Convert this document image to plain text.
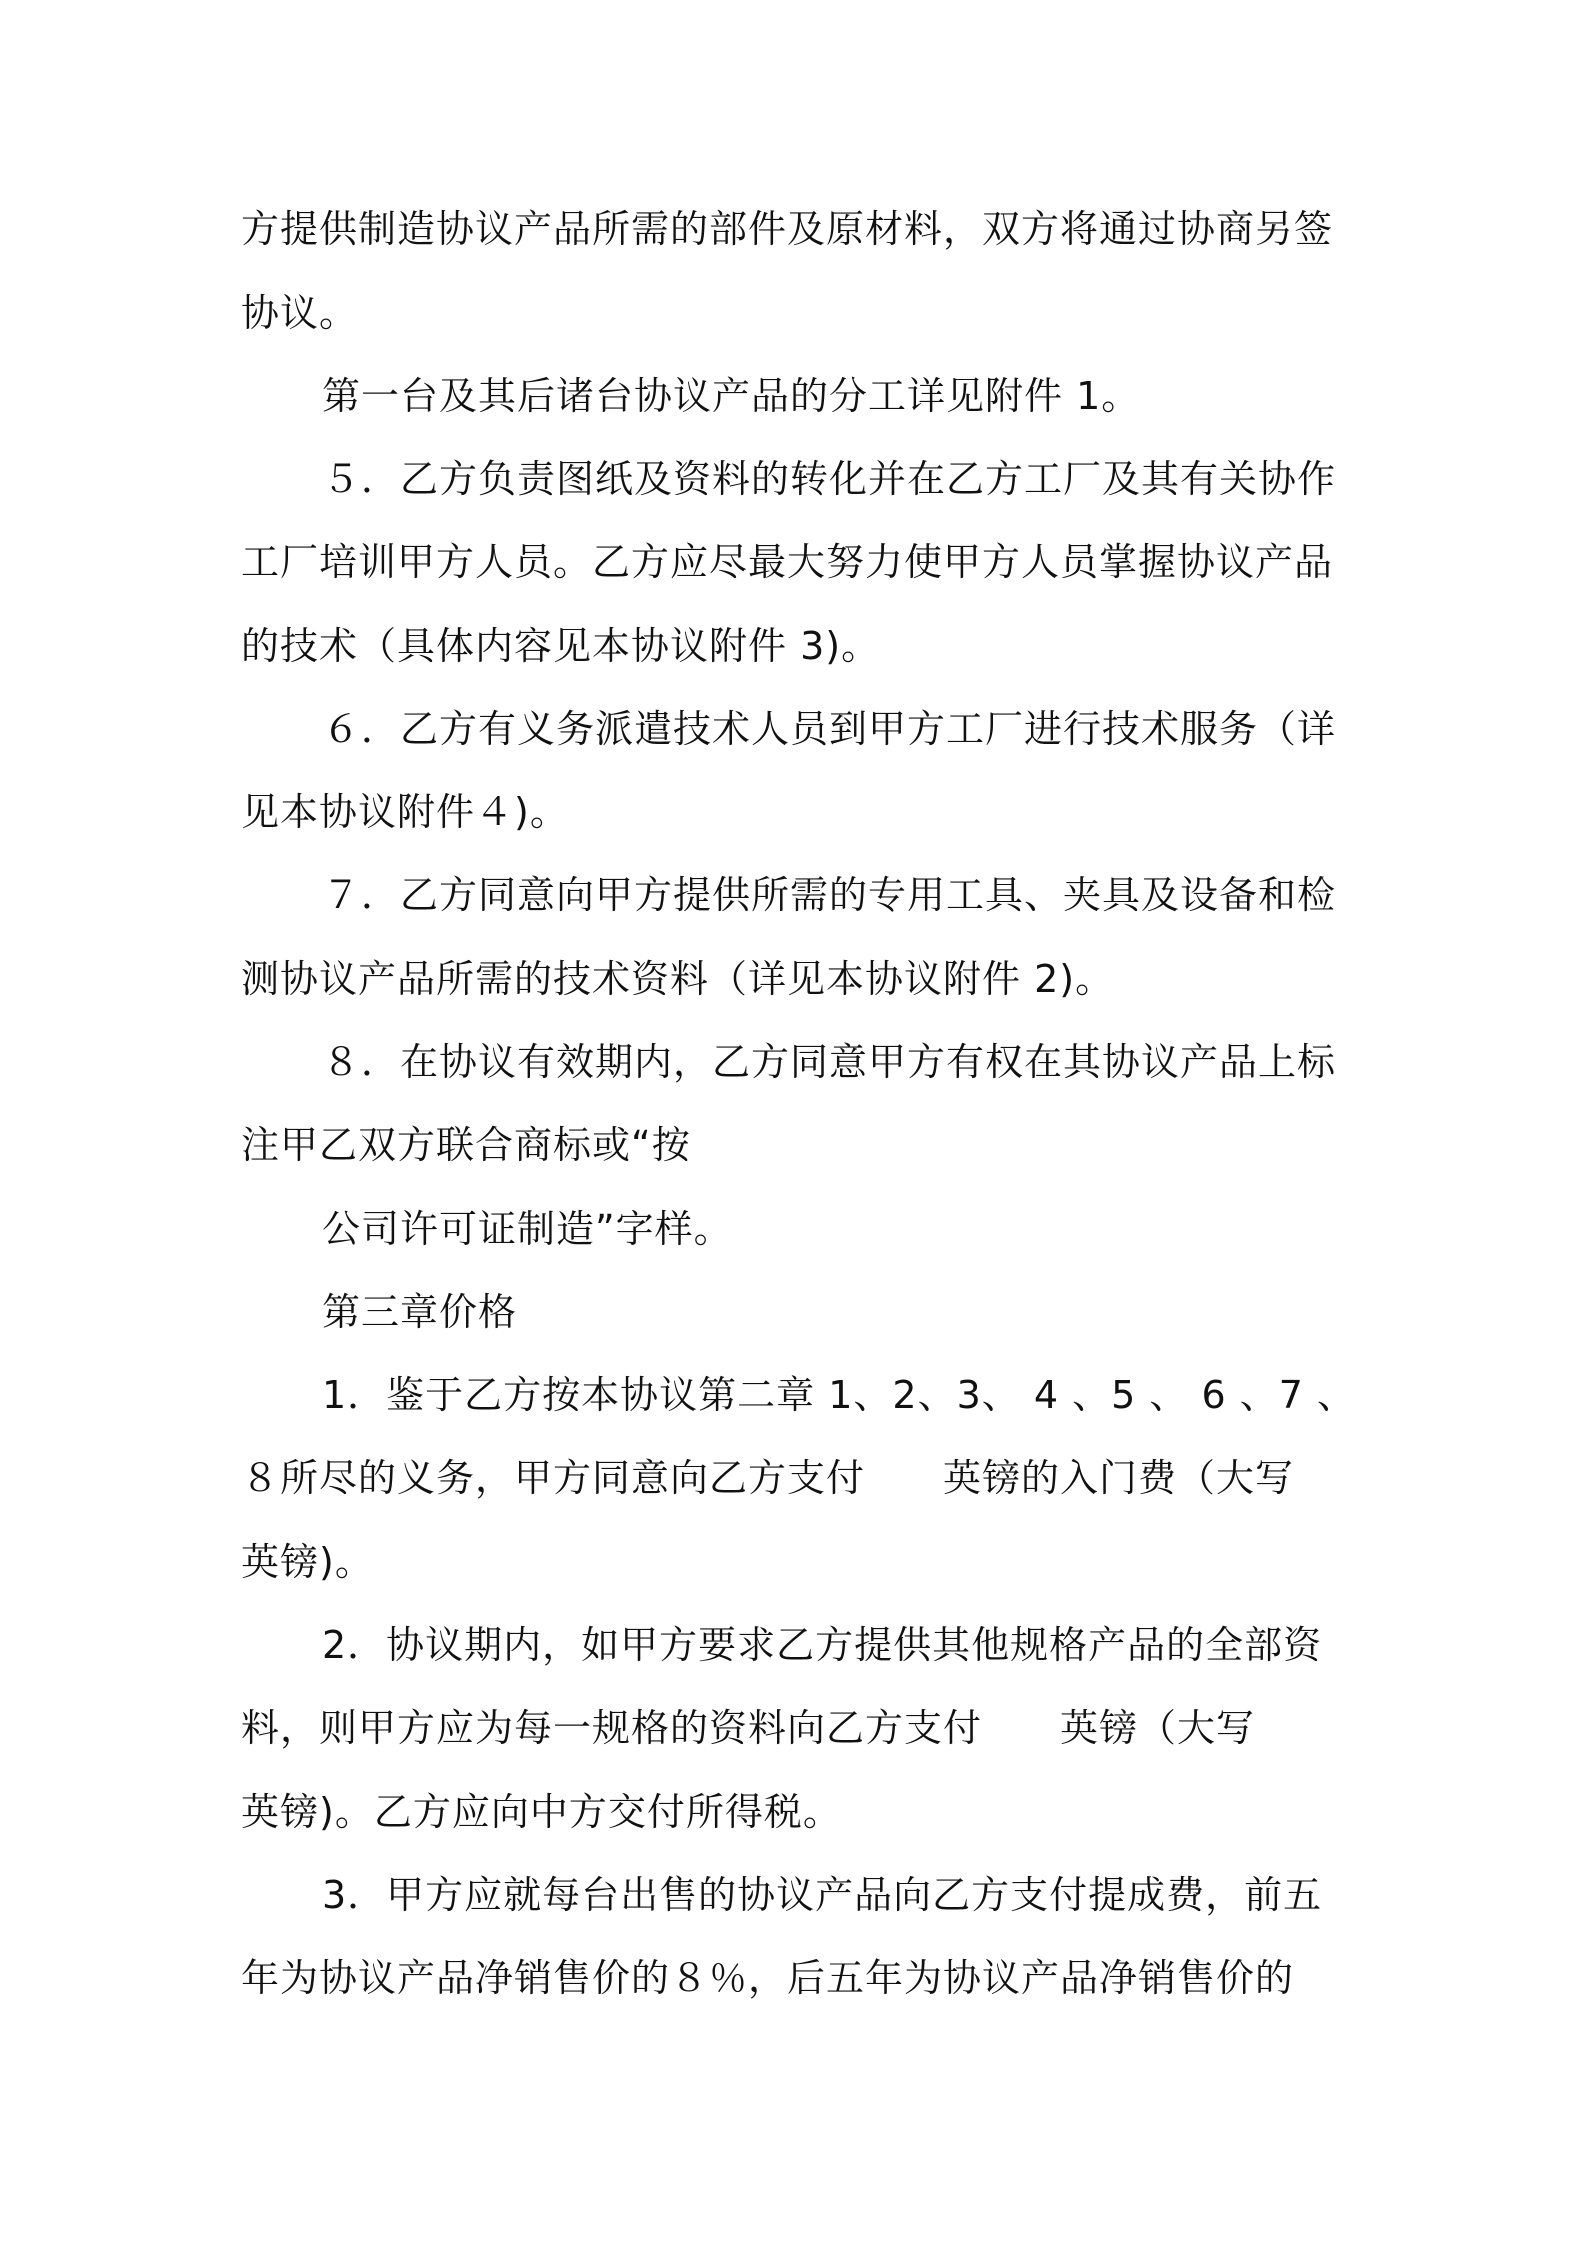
方提供制造协议产品所需的部件及原材料，双方将通过协商另签
协议。
第一台及其后诸台协议产品的分工详见附件 1。
５．乙方负责图纸及资料的转化并在乙方工厂及其有关协作
工厂培训甲方人员。乙方应尽最大努力使甲方人员掌握协议产品
的技术（具体内容见本协议附件 3)。
６．乙方有义务派遣技术人员到甲方工厂进行技术服务（详
见本协议附件４)。
７．乙方同意向甲方提供所需的专用工具、夹具及设备和检
测协议产品所需的技术资料（详见本协议附件 2)。
８．在协议有效期内，乙方同意甲方有权在其协议产品上标
注甲乙双方联合商标或“按
公司许可证制造”字样。
第三章价格
1．鉴于乙方按本协议第二章 1、2、3、 4 、5 、 6 、7 、
８所尽的义务，甲方同意向乙方支付　　英镑的入门费（大写
英镑)。
2．协议期内，如甲方要求乙方提供其他规格产品的全部资
料，则甲方应为每一规格的资料向乙方支付　　英镑（大写
英镑)。乙方应向中方交付所得税。
3．甲方应就每台出售的协议产品向乙方支付提成费，前五
年为协议产品净销售价的８％，后五年为协议产品净销售价的
